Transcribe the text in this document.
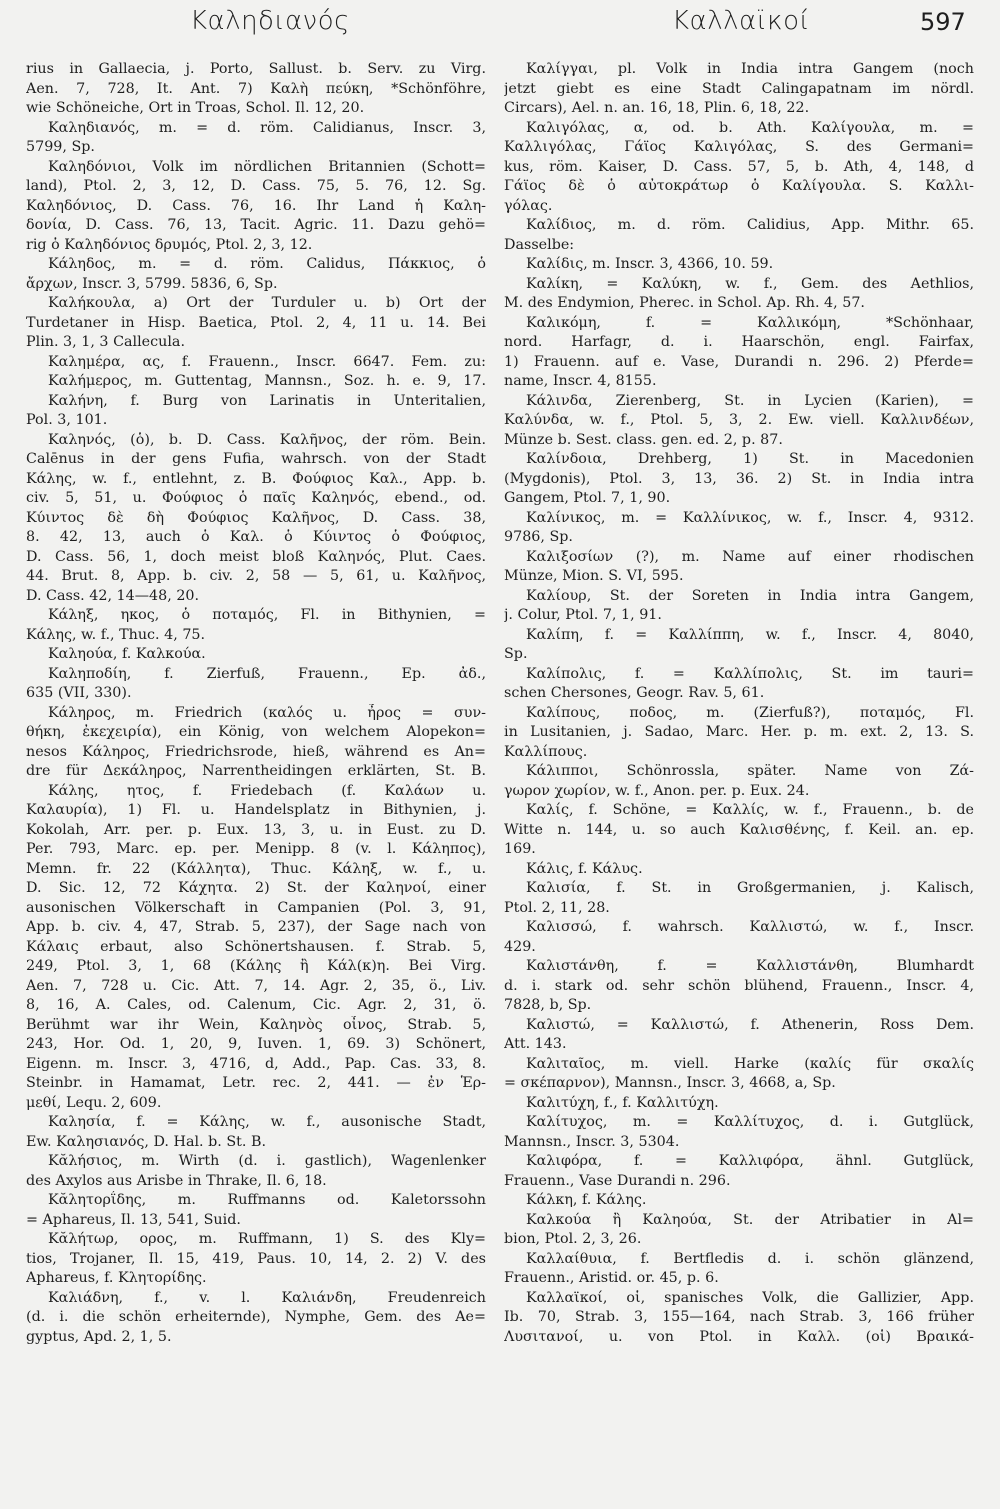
Καληδιανός	Καλλαϊκοί	597
rius in Gallaecia, j. Porto, Sallust. b. Serv. zu Virg.
Aen. 7, 728, It. Ant. 7) Καλὴ πεύκη, *Schönföhre,
wie Schöneiche, Ort in Troas, Schol. Il. 12, 20.
Καληδιανός, m. = d. röm. Calidianus, Inscr. 3,
5799, Sp.
Καληδόνιοι, Volk im nördlichen Britannien (Schott=
land), Ptol. 2, 3, 12, D. Cass. 75, 5. 76, 12. Sg.
Καληδόνιος, D. Cass. 76, 16. Ihr Land ἡ Καλη-
δονία, D. Cass. 76, 13, Tacit. Agric. 11. Dazu gehö=
rig ὁ Καληδόνιος δρυμός, Ptol. 2, 3, 12.
Κάληδος, m. = d. röm. Calidus, Πάκκιος, ὁ
ἄρχων, Inscr. 3, 5799. 5836, 6, Sp.
Καλήκουλα, a) Ort der Turduler u. b) Ort der
Turdetaner in Hisp. Baetica, Ptol. 2, 4, 11 u. 14. Bei
Plin. 3, 1, 3 Callecula.
Καλημέρα, ας, f. Frauenn., Inscr. 6647. Fem. zu:
Καλήμερος, m. Guttentag, Mannsn., Soz. h. e. 9, 17.
Καλήνη, f. Burg von Larinatis in Unteritalien,
Pol. 3, 101.
Καληνός, (ὁ), b. D. Cass. Καλῆνος, der röm. Bein.
Calēnus in der gens Fufia, wahrsch. von der Stadt
Κάλης, w. f., entlehnt, z. B. Φούφιος Καλ., App. b.
civ. 5, 51, u. Φούφιος ὁ παῖς Καληνός, ebend., od.
Κύιντος δὲ δὴ Φούφιος Καλῆνος, D. Cass. 38,
8. 42, 13, auch ὁ Καλ. ὁ Κύιντος ὁ Φούφιος,
D. Cass. 56, 1, doch meist bloß Καληνός, Plut. Caes.
44. Brut. 8, App. b. civ. 2, 58 — 5, 61, u. Καλῆνος,
D. Cass. 42, 14—48, 20.
Κάληξ, ηκος, ὁ ποταμός, Fl. in Bithynien, =
Κάλης, w. f., Thuc. 4, 75.
Καληούα, f. Καλκούα.
Καληποδίη, f. Zierfuß, Frauenn., Ep. ἀδ.,
635 (VII, 330).
Κάληρος, m. Friedrich (καλός u. ἦρος = συν-
θήκη, ἐκεχειρία), ein König, von welchem Alopekon=
nesos Κάληρος, Friedrichsrode, hieß, während es An=
dre für Δεκάληρος, Narrentheidingen erklärten, St. B.
Κάλης, ητος, f. Friedebach (f. Καλάων u.
Καλαυρία), 1) Fl. u. Handelsplatz in Bithynien, j.
Kokolah, Arr. per. p. Eux. 13, 3, u. in Eust. zu D.
Per. 793, Marc. ep. per. Menipp. 8 (v. l. Κάληπος),
Memn. fr. 22 (Κάλλητα), Thuc. Κάληξ, w. f., u.
D. Sic. 12, 72 Κάχητα. 2) St. der Καληνοί, einer
ausonischen Völkerschaft in Campanien (Pol. 3, 91,
App. b. civ. 4, 47, Strab. 5, 237), der Sage nach von
Κάλαις erbaut, also Schönertshausen. f. Strab. 5,
249, Ptol. 3, 1, 68 (Κάλης ἢ Κάλ(κ)η. Bei Virg.
Aen. 7, 728 u. Cic. Att. 7, 14. Agr. 2, 35, ö., Liv.
8, 16, A. Cales, od. Calenum, Cic. Agr. 2, 31, ö.
Berühmt war ihr Wein, Καληνὸς οἶνος, Strab. 5,
243, Hor. Od. 1, 20, 9, Iuven. 1, 69. 3) Schönert,
Eigenn. m. Inscr. 3, 4716, d, Add., Pap. Cas. 33, 8.
Steinbr. in Hamamat, Letr. rec. 2, 441. — ἐν Ἑρ-
μεθί, Lequ. 2, 609.
Καλησία, f. = Κάλης, w. f., ausonische Stadt,
Ew. Καλησιανός, D. Hal. b. St. B.
Κᾰλήσιος, m. Wirth (d. i. gastlich), Wagenlenker
des Axylos aus Arisbe in Thrake, Il. 6, 18.
Κᾰλητορΐδης, m. Ruffmanns od. Kaletorssohn
= Aphareus, Il. 13, 541, Suid.
Κᾰλήτωρ, ορος, m. Ruffmann, 1) S. des Kly=
tios, Trojaner, Il. 15, 419, Paus. 10, 14, 2. 2) V. des
Aphareus, f. Κλητορίδης.
Καλιάδνη, f., v. l. Καλιάνδη, Freudenreich
(d. i. die schön erheiternde), Nymphe, Gem. des Ae=
gyptus, Apd. 2, 1, 5.
Καλίγγαι, pl. Volk in India intra Gangem (noch
jetzt giebt es eine Stadt Calingapatnam im nördl.
Circars), Ael. n. an. 16, 18, Plin. 6, 18, 22.
Καλιγόλας, α, od. b. Ath. Καλίγουλα, m. =
Καλλιγόλας, Γάϊος Καλιγόλας, S. des Germani=
kus, röm. Kaiser, D. Cass. 57, 5, b. Ath, 4, 148, d
Γάϊος δὲ ὁ αὐτοκράτωρ ὁ Καλίγουλα. S. Καλλι-
γόλας.
Καλίδιος, m. d. röm. Calidius, App. Mithr. 65.
Dasselbe:
Καλίδις, m. Inscr. 3, 4366, 10. 59.
Καλίκη, = Καλύκη, w. f., Gem. des Aethlios,
M. des Endymion, Pherec. in Schol. Ap. Rh. 4, 57.
Καλικόμη, f. = Καλλικόμη, *Schönhaar,
nord. Harfagr, d. i. Haarschön, engl. Fairfax,
1) Frauenn. auf e. Vase, Durandi n. 296. 2) Pferde=
name, Inscr. 4, 8155.
Κάλινδα, Zierenberg, St. in Lycien (Karien), =
Καλύνδα, w. f., Ptol. 5, 3, 2. Ew. viell. Καλλινδέων,
Münze b. Sest. class. gen. ed. 2, p. 87.
Καλίνδοια, Drehberg, 1) St. in Macedonien
(Mygdonis), Ptol. 3, 13, 36. 2) St. in India intra
Gangem, Ptol. 7, 1, 90.
Καλίνικος, m. = Καλλίνικος, w. f., Inscr. 4, 9312.
9786, Sp.
Καλιξοσίων (?), m. Name auf einer rhodischen
Münze, Mion. S. VI, 595.
Καλίουρ, St. der Soreten in India intra Gangem,
j. Colur, Ptol. 7, 1, 91.
Καλίπη, f. = Καλλίππη, w. f., Inscr. 4, 8040,
Sp.
Καλίπολις, f. = Καλλίπολις, St. im tauri=
schen Chersones, Geogr. Rav. 5, 61.
Καλίπους, ποδος, m. (Zierfuß?), ποταμός, Fl.
in Lusitanien, j. Sadao, Marc. Her. p. m. ext. 2, 13. S.
Καλλίπους.
Κάλιπποι, Schönrossla, später. Name von Ζά-
γωρον χωρίον, w. f., Anon. per. p. Eux. 24.
Καλίς, f. Schöne, = Καλλίς, w. f., Frauenn., b. de
Witte n. 144, u. so auch Καλισθένης, f. Keil. an. ep.
169.
Κάλις, f. Κάλυς.
Καλισία, f. St. in Großgermanien, j. Kalisch,
Ptol. 2, 11, 28.
Καλισσώ, f. wahrsch. Καλλιστώ, w. f., Inscr.
429.
Καλιστάνθη, f. = Καλλιστάνθη, Blumhardt
d. i. stark od. sehr schön blühend, Frauenn., Inscr. 4,
7828, b, Sp.
Καλιστώ, = Καλλιστώ, f. Athenerin, Ross Dem.
Att. 143.
Καλιταῖος, m. viell. Harke (καλίς für σκαλίς
= σκέπαρνον), Mannsn., Inscr. 3, 4668, a, Sp.
Καλιτύχη, f., f. Καλλιτύχη.
Καλίτυχος, m. = Καλλίτυχος, d. i. Gutglück,
Mannsn., Inscr. 3, 5304.
Καλιφόρα, f. = Καλλιφόρα, ähnl. Gutglück,
Frauenn., Vase Durandi n. 296.
Κάλκη, f. Κάλης.
Καλκούα ἢ Καληούα, St. der Atribatier in Al=
bion, Ptol. 2, 3, 26.
Καλλαίθυια, f. Bertfledis d. i. schön glänzend,
Frauenn., Aristid. or. 45, p. 6.
Καλλαϊκοί, οἱ, spanisches Volk, die Gallizier, App.
Ib. 70, Strab. 3, 155—164, nach Strab. 3, 166 früher
Λυσιτανοί, u. von Ptol. in Καλλ. (οἱ) Βραικά-
